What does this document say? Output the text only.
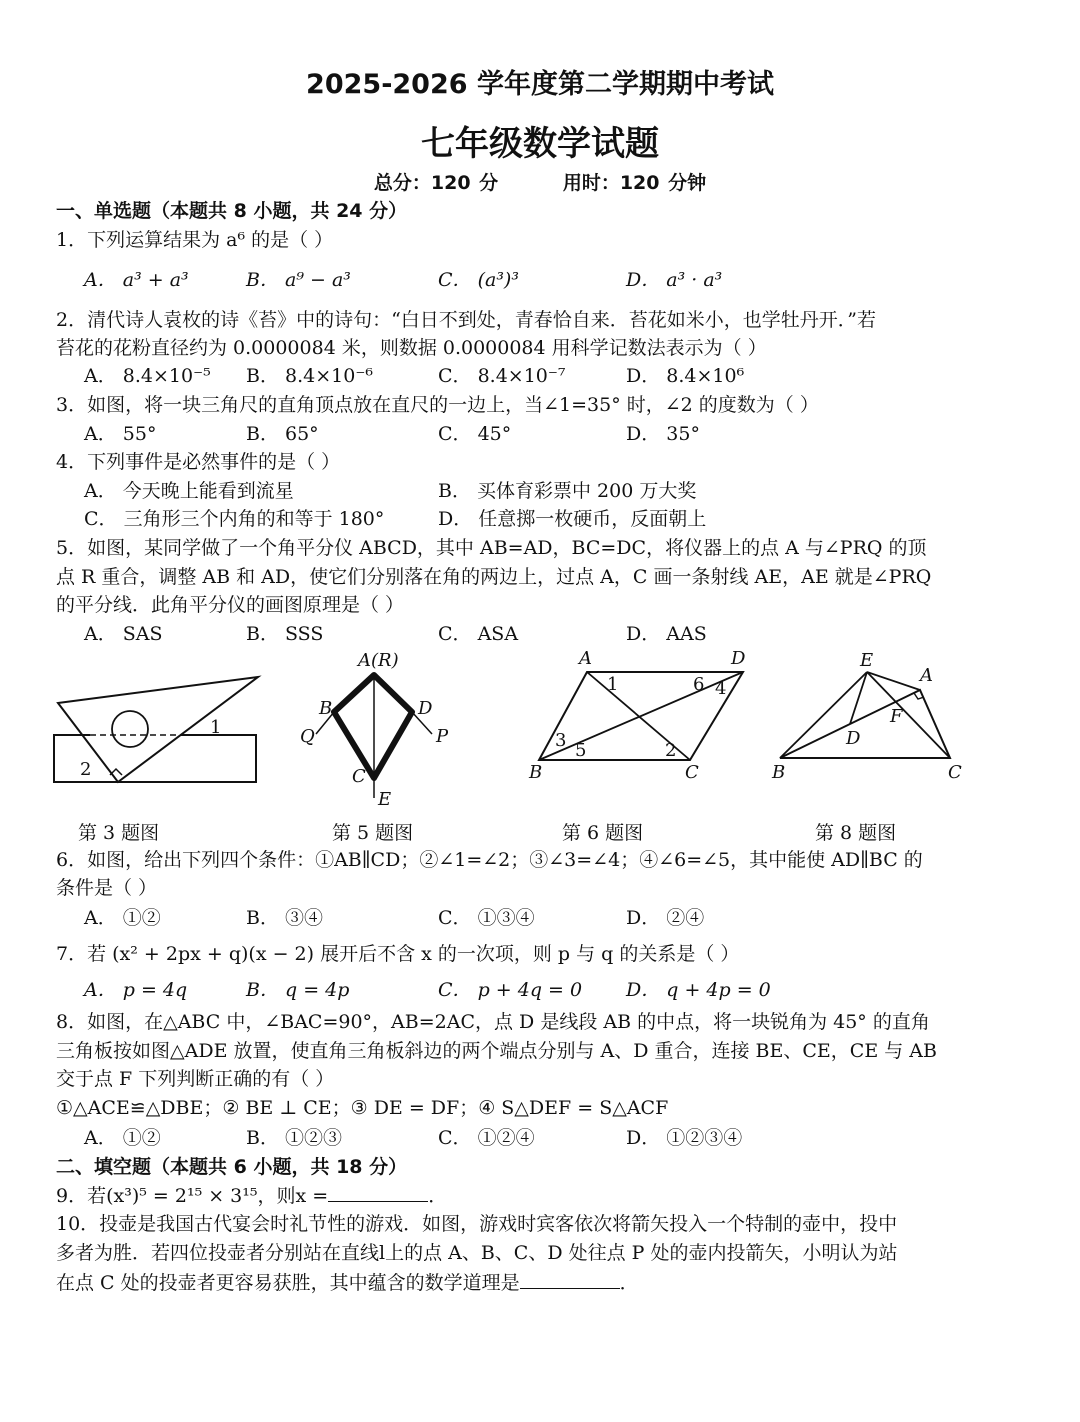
2025-2026 学年度第二学期期中考试
七年级数学试题
总分：120 分	用时：120 分钟
一、单选题（本题共 8 小题，共 24 分）
1．下列运算结果为 a⁶ 的是（ ）
A． a³ + a³	B． a⁹ − a³	C． (a³)³	D． a³ · a³
2．清代诗人袁枚的诗《苔》中的诗句：“白日不到处，青春恰自来．苔花如米小，也学牡丹开．”若
苔花的花粉直径约为 0.0000084 米，则数据 0.0000084 用科学记数法表示为（ ）
A． 8.4×10⁻⁵ B． 8.4×10⁻⁶	C． 8.4×10⁻⁷	D． 8.4×10⁶
3．如图，将一块三角尺的直角顶点放在直尺的一边上，当∠1=35° 时，∠2 的度数为（ ）
A． 55°	B． 65°	C． 45°	D． 35°
4．下列事件是必然事件的是（ ）
A． 今天晚上能看到流星	B． 买体育彩票中 200 万大奖
C． 三角形三个内角的和等于 180°	D． 任意掷一枚硬币，反面朝上
5．如图，某同学做了一个角平分仪 ABCD，其中 AB=AD，BC=DC，将仪器上的点 A 与∠PRQ 的顶
点 R 重合，调整 AB 和 AD，使它们分别落在角的两边上，过点 A，C 画一条射线 AE，AE 就是∠PRQ
的平分线．此角平分仪的画图原理是（ ）
A． SAS	B． SSS	C． ASA	D． AAS
2
1
第 3 题图
A(R)
B	D
Q	P
C
E
第 5 题图
A	D
B	C
1	6 4
3 5	2
第 6 题图
E
A
F
D
B	C
第 8 题图
6．如图，给出下列四个条件：①AB∥CD；②∠1=∠2；③∠3=∠4；④∠6=∠5，其中能使 AD∥BC 的
条件是（ ）
A． ①②	B． ③④	C． ①③④	D． ②④
7．若 (x² + 2px + q)(x − 2) 展开后不含 x 的一次项，则 p 与 q 的关系是（ ）
A． p = 4q	B． q = 4p	C． p + 4q = 0 D． q + 4p = 0
8．如图，在△ABC 中，∠BAC=90°，AB=2AC，点 D 是线段 AB 的中点，将一块锐角为 45° 的直角
三角板按如图△ADE 放置，使直角三角板斜边的两个端点分别与 A、D 重合，连接 BE、CE，CE 与 AB
交于点 F 下列判断正确的有（ ）
①△ACE≌△DBE；② BE ⊥ CE；③ DE = DF；④ S△DEF = S△ACF
A． ①②	B． ①②③	C． ①②④	D． ①②③④
二、填空题（本题共 6 小题，共 18 分）
9．若(x³)⁵ = 2¹⁵ × 3¹⁵，则x =	．
10．投壶是我国古代宴会时礼节性的游戏．如图，游戏时宾客依次将箭矢投入一个特制的壶中，投中
多者为胜．若四位投壶者分别站在直线l上的点 A、B、C、D 处往点 P 处的壶内投箭矢，小明认为站
在点 C 处的投壶者更容易获胜，其中蕴含的数学道理是	．
